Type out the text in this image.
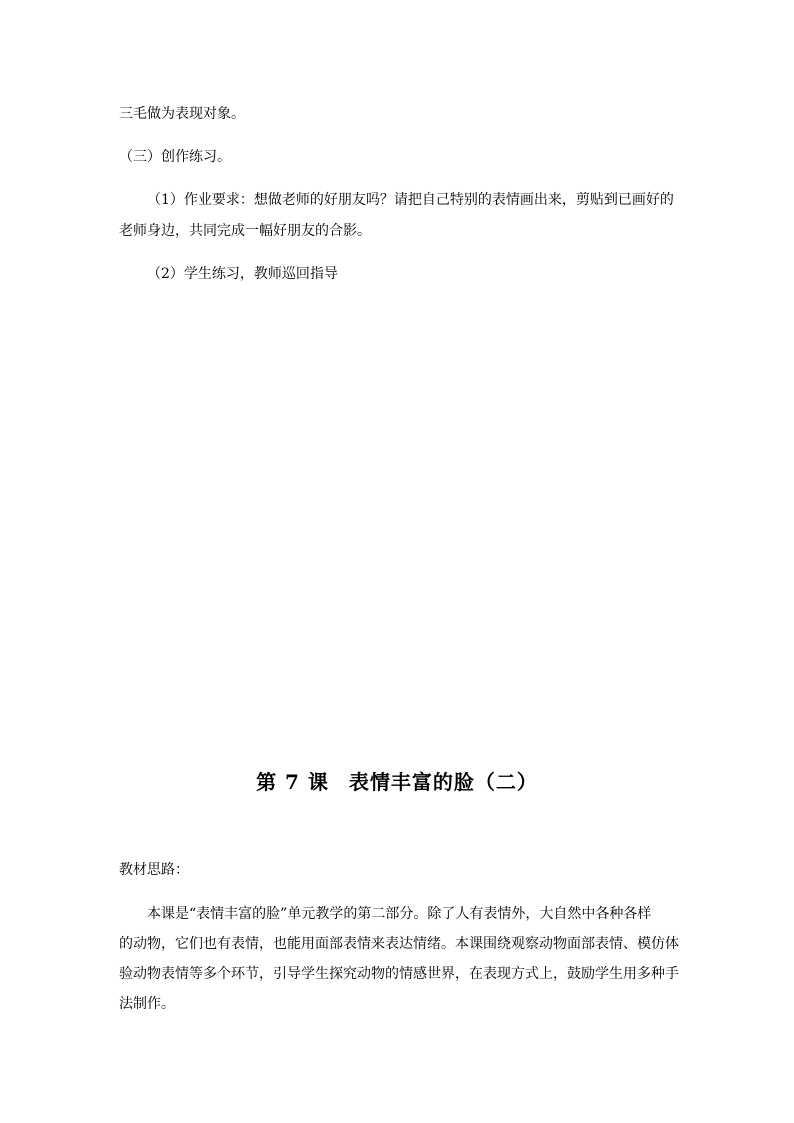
三毛做为表现对象。

（三）创作练习。

（1）作业要求：想做老师的好朋友吗？请把自己特别的表情画出来，剪贴到已画好的

老师身边，共同完成一幅好朋友的合影。

（2）学生练习，教师巡回指导

第 7 课 表情丰富的脸（二）

教材思路：

本课是“表情丰富的脸”单元教学的第二部分。除了人有表情外，大自然中各种各样

的动物，它们也有表情，也能用面部表情来表达情绪。本课围绕观察动物面部表情、模仿体

验动物表情等多个环节，引导学生探究动物的情感世界，在表现方式上，鼓励学生用多种手

法制作。
